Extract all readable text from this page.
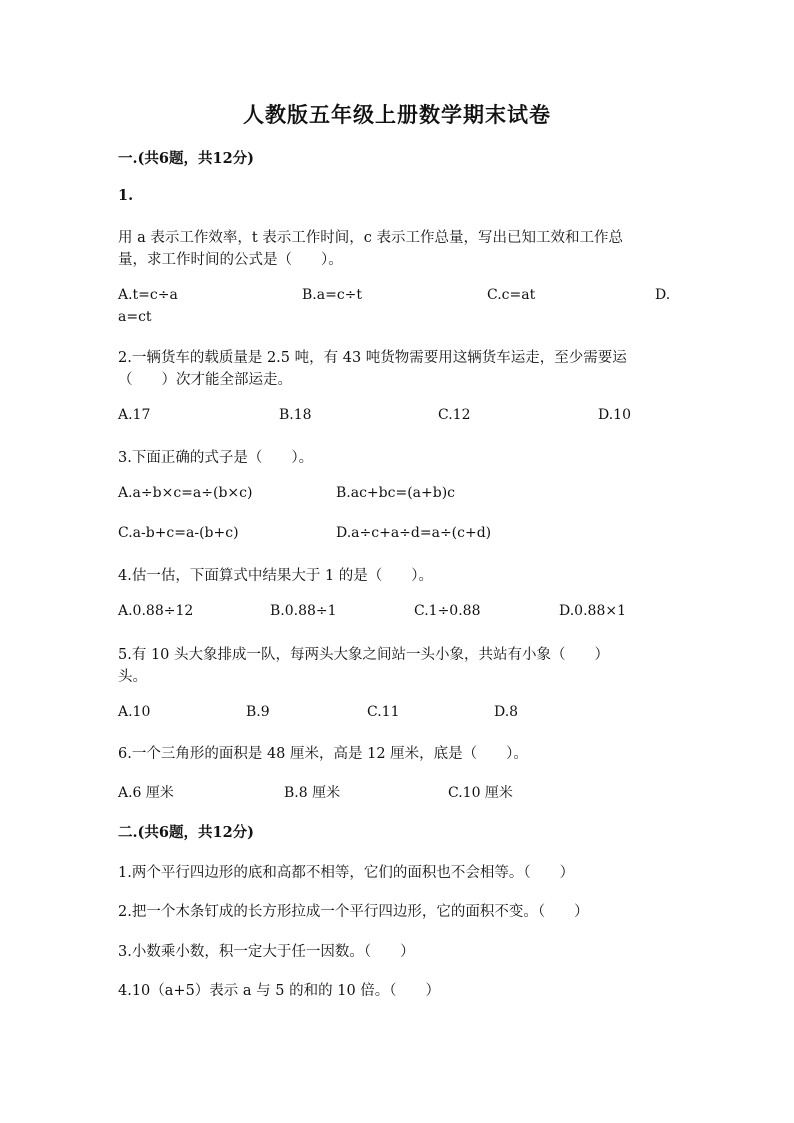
人教版五年级上册数学期末试卷
一.(共6题，共12分)
1.
用 a 表示工作效率，t 表示工作时间，c 表示工作总量，写出已知工效和工作总
量，求工作时间的公式是（　　）。
A.t=c÷a	B.a=c÷t	C.c=at	D.
a=ct
2.一辆货车的载质量是 2.5 吨，有 43 吨货物需要用这辆货车运走，至少需要运
（　　）次才能全部运走。
A.17	B.18	C.12	D.10
3.下面正确的式子是（　　）。
A.a÷b×c=a÷(b×c)	B.ac+bc=(a+b)c
C.a-b+c=a-(b+c)	D.a÷c+a÷d=a÷(c+d)
4.估一估，下面算式中结果大于 1 的是（　　）。
A.0.88÷12	B.0.88÷1	C.1÷0.88	D.0.88×1
5.有 10 头大象排成一队，每两头大象之间站一头小象，共站有小象（　　）
头。
A.10	B.9	C.11	D.8
6.一个三角形的面积是 48 厘米，高是 12 厘米，底是（　　）。
A.6 厘米	B.8 厘米	C.10 厘米
二.(共6题，共12分)
1.两个平行四边形的底和高都不相等，它们的面积也不会相等。（　　）
2.把一个木条钉成的长方形拉成一个平行四边形，它的面积不变。（　　）
3.小数乘小数，积一定大于任一因数。（　　）
4.10（a+5）表示 a 与 5 的和的 10 倍。（　　）
